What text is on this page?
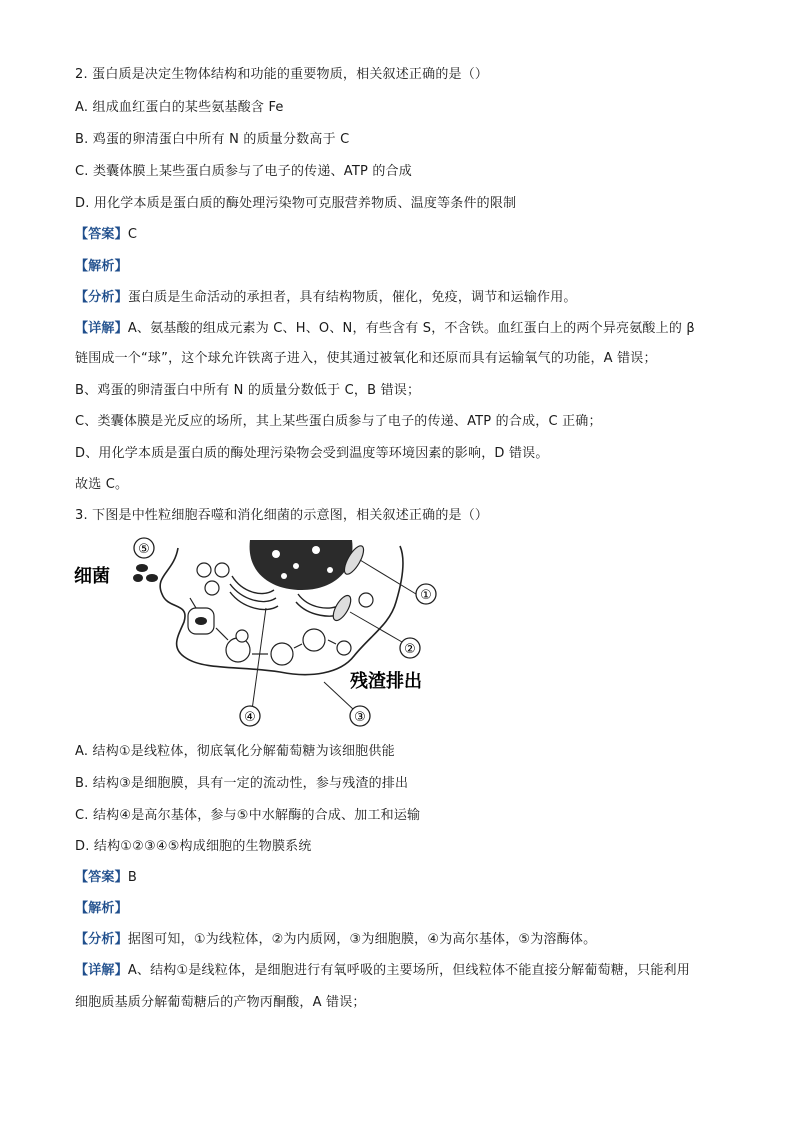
2. 蛋白质是决定生物体结构和功能的重要物质，相关叙述正确的是（）
A. 组成血红蛋白的某些氨基酸含 Fe
B. 鸡蛋的卵清蛋白中所有 N 的质量分数高于 C
C. 类囊体膜上某些蛋白质参与了电子的传递、ATP 的合成
D. 用化学本质是蛋白质的酶处理污染物可克服营养物质、温度等条件的限制
【答案】C
【解析】
【分析】蛋白质是生命活动的承担者，具有结构物质，催化，免疫，调节和运输作用。
【详解】A、氨基酸的组成元素为 C、H、O、N，有些含有 S，不含铁。血红蛋白上的两个异亮氨酸上的 β
链围成一个“球”，这个球允许铁离子进入，使其通过被氧化和还原而具有运输氧气的功能，A 错误；
B、鸡蛋的卵清蛋白中所有 N 的质量分数低于 C，B 错误；
C、类囊体膜是光反应的场所，其上某些蛋白质参与了电子的传递、ATP 的合成，C 正确；
D、用化学本质是蛋白质的酶处理污染物会受到温度等环境因素的影响，D 错误。
故选 C。
3. 下图是中性粒细胞吞噬和消化细菌的示意图，相关叙述正确的是（）
⑤
①
②
④	③
细菌
残渣排出
A. 结构①是线粒体，彻底氧化分解葡萄糖为该细胞供能
B. 结构③是细胞膜，具有一定的流动性，参与残渣的排出
C. 结构④是高尔基体，参与⑤中水解酶的合成、加工和运输
D. 结构①②③④⑤构成细胞的生物膜系统
【答案】B
【解析】
【分析】据图可知，①为线粒体，②为内质网，③为细胞膜，④为高尔基体，⑤为溶酶体。
【详解】A、结构①是线粒体，是细胞进行有氧呼吸的主要场所，但线粒体不能直接分解葡萄糖，只能利用
细胞质基质分解葡萄糖后的产物丙酮酸，A 错误；
